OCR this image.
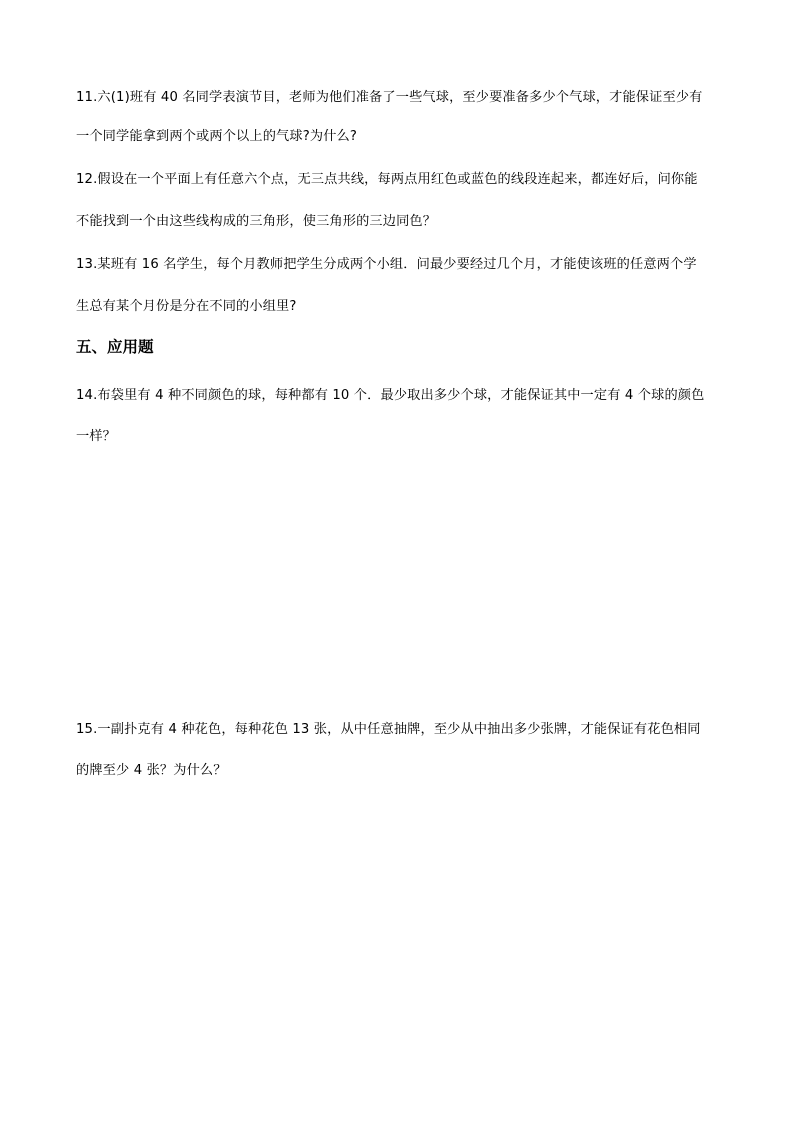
11.六(1)班有 40 名同学表演节目，老师为他们准备了一些气球，至少要准备多少个气球，才能保证至少有
一个同学能拿到两个或两个以上的气球?为什么?
12.假设在一个平面上有任意六个点，无三点共线，每两点用红色或蓝色的线段连起来，都连好后，问你能
不能找到一个由这些线构成的三角形，使三角形的三边同色？
13.某班有 16 名学生，每个月教师把学生分成两个小组．问最少要经过几个月，才能使该班的任意两个学
生总有某个月份是分在不同的小组里?
五、应用题
14.布袋里有 4 种不同颜色的球，每种都有 10 个．最少取出多少个球，才能保证其中一定有 4 个球的颜色
一样？
15.一副扑克有 4 种花色，每种花色 13 张，从中任意抽牌，至少从中抽出多少张牌，才能保证有花色相同
的牌至少 4 张？为什么？
